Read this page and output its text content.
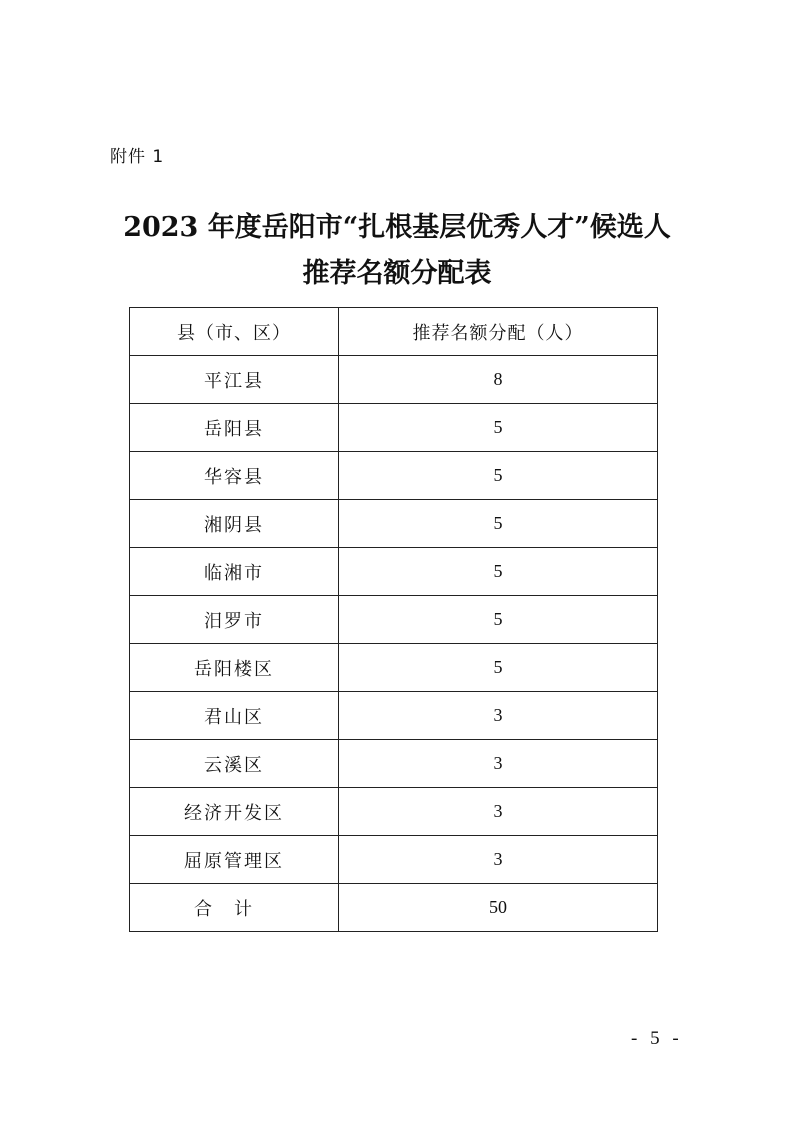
附件 1
2023 年度岳阳市“扎根基层优秀人才”候选人
推荐名额分配表
县（市、区）	推荐名额分配（人）
平江县	8
岳阳县	5
华容县	5
湘阴县	5
临湘市	5
汨罗市	5
岳阳楼区	5
君山区	3
云溪区	3
经济开发区	3
屈原管理区	3
合计	50
- 5 -
